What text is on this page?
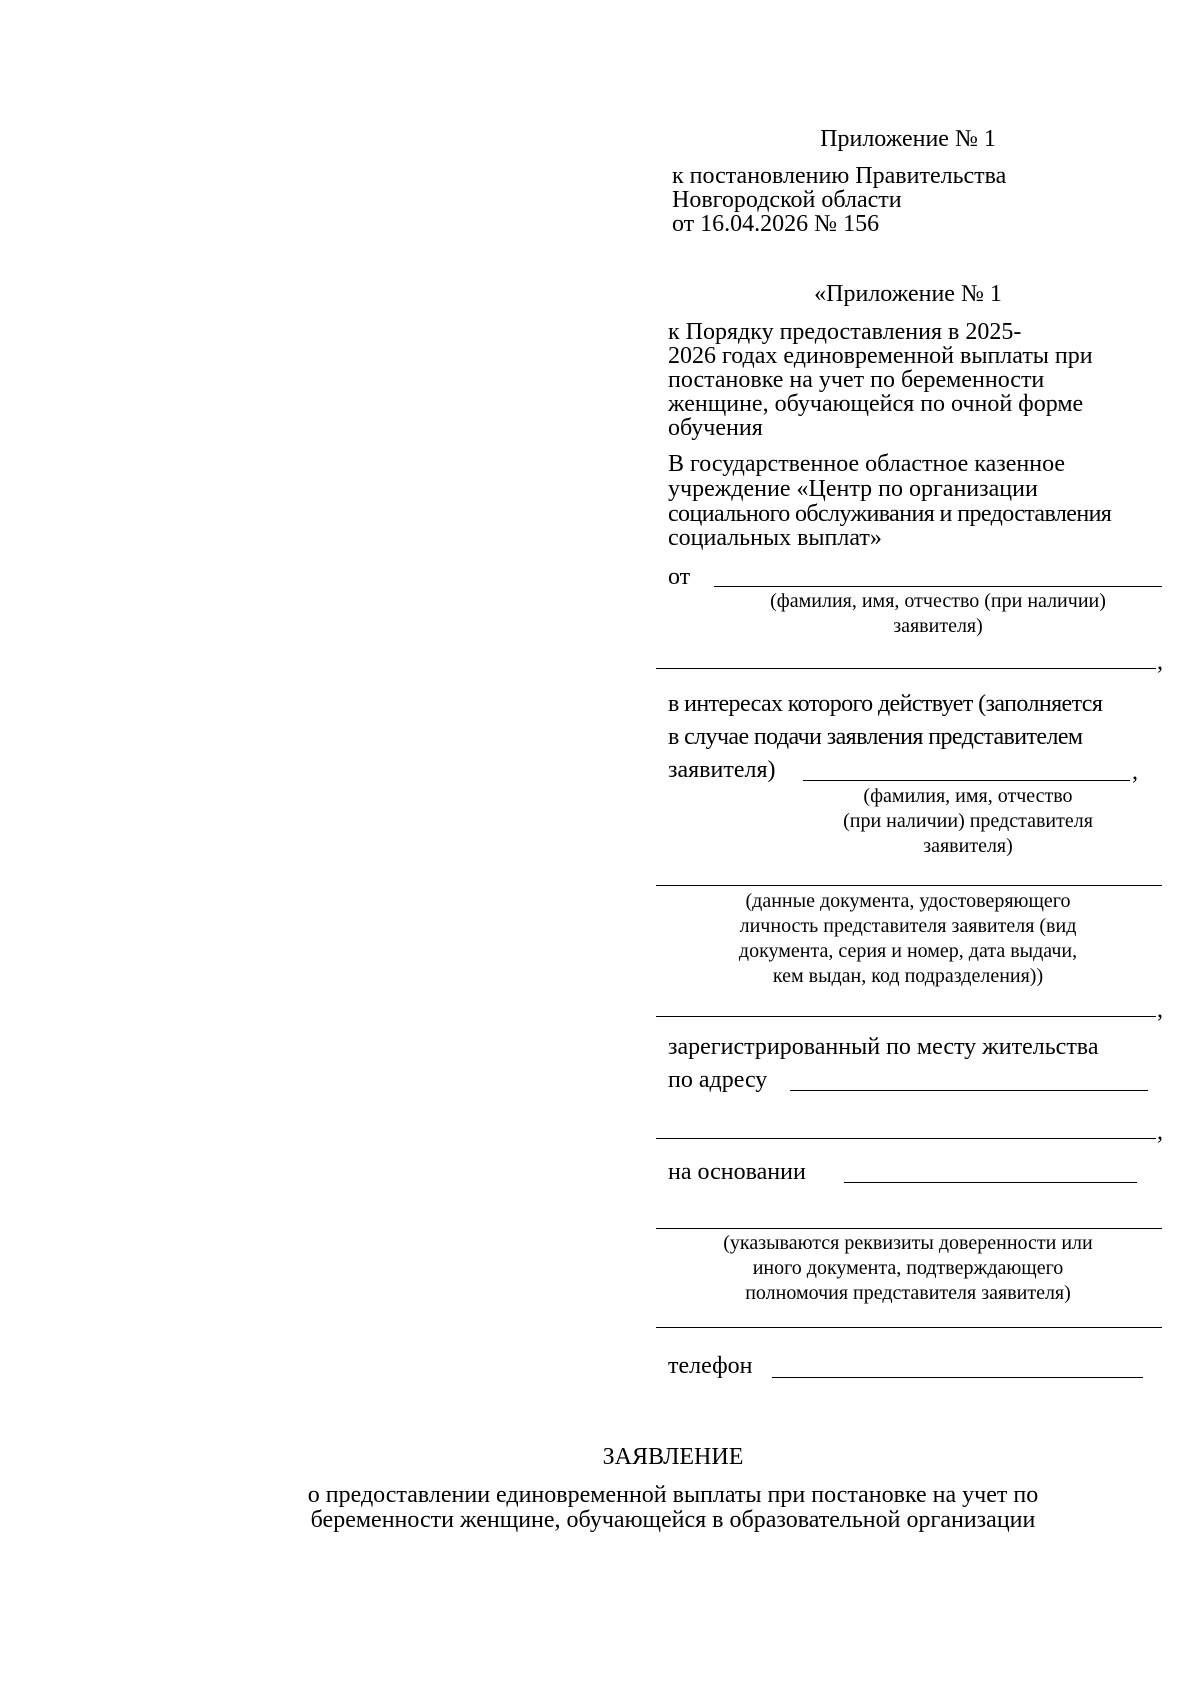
Приложение № 1
к постановлению Правительства
Новгородской области
от 16.04.2026 № 156
«Приложение № 1
к Порядку предоставления в 2025-
2026 годах единовременной выплаты при
постановке на учет по беременности
женщине, обучающейся по очной форме
обучения
В государственное областное казенное
учреждение «Центр по организации
социального обслуживания и предоставления
социальных выплат»
от
(фамилия, имя, отчество (при наличии)
заявителя)
,
в интересах которого действует (заполняется
в случае подачи заявления представителем
заявителя)	,
(фамилия, имя, отчество
(при наличии) представителя
заявителя)
(данные документа, удостоверяющего
личность представителя заявителя (вид
документа, серия и номер, дата выдачи,
кем выдан, код подразделения))
,
зарегистрированный по месту жительства
по адресу
,
на основании
(указываются реквизиты доверенности или
иного документа, подтверждающего
полномочия представителя заявителя)
телефон
ЗАЯВЛЕНИЕ
о предоставлении единовременной выплаты при постановке на учет по
беременности женщине, обучающейся в образовательной организации
